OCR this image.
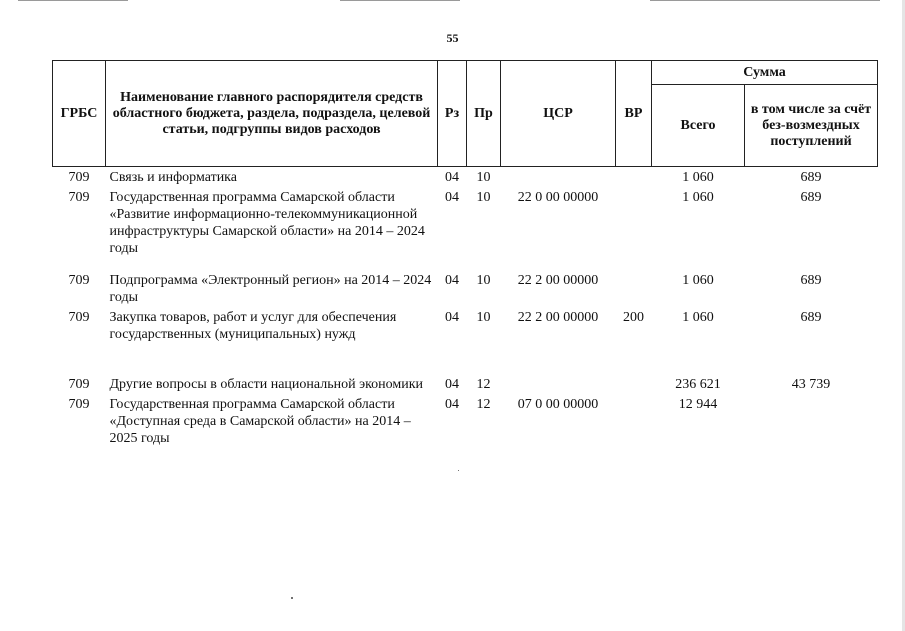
55
ГРБС	Наименование главного распорядителя средств областного бюджета, раздела, подраздела, целевой статьи, подгруппы видов расходов	Рз	Пр	ЦСР	ВР	Сумма	
						Всего	в том числе за счёт без-возмездных поступлений
709	Связь и информатика	04	10			1 060	689
709	Государственная программа Самарской области «Развитие информационно-телекоммуникационной инфраструктуры Самарской области» на 2014 – 2024 годы	04	10	22 0 00 00000		1 060	689
709	Подпрограмма «Электронный регион» на 2014 – 2024 годы	04	10	22 2 00 00000		1 060	689
709	Закупка товаров, работ и услуг для обеспечения государственных (муниципальных) нужд	04	10	22 2 00 00000	200	1 060	689
709	Другие вопросы в области национальной экономики	04	12			236 621	43 739
709	Государственная программа Самарской области «Доступная среда в Самарской области» на 2014 – 2025 годы	04	12	07 0 00 00000		12 944	
